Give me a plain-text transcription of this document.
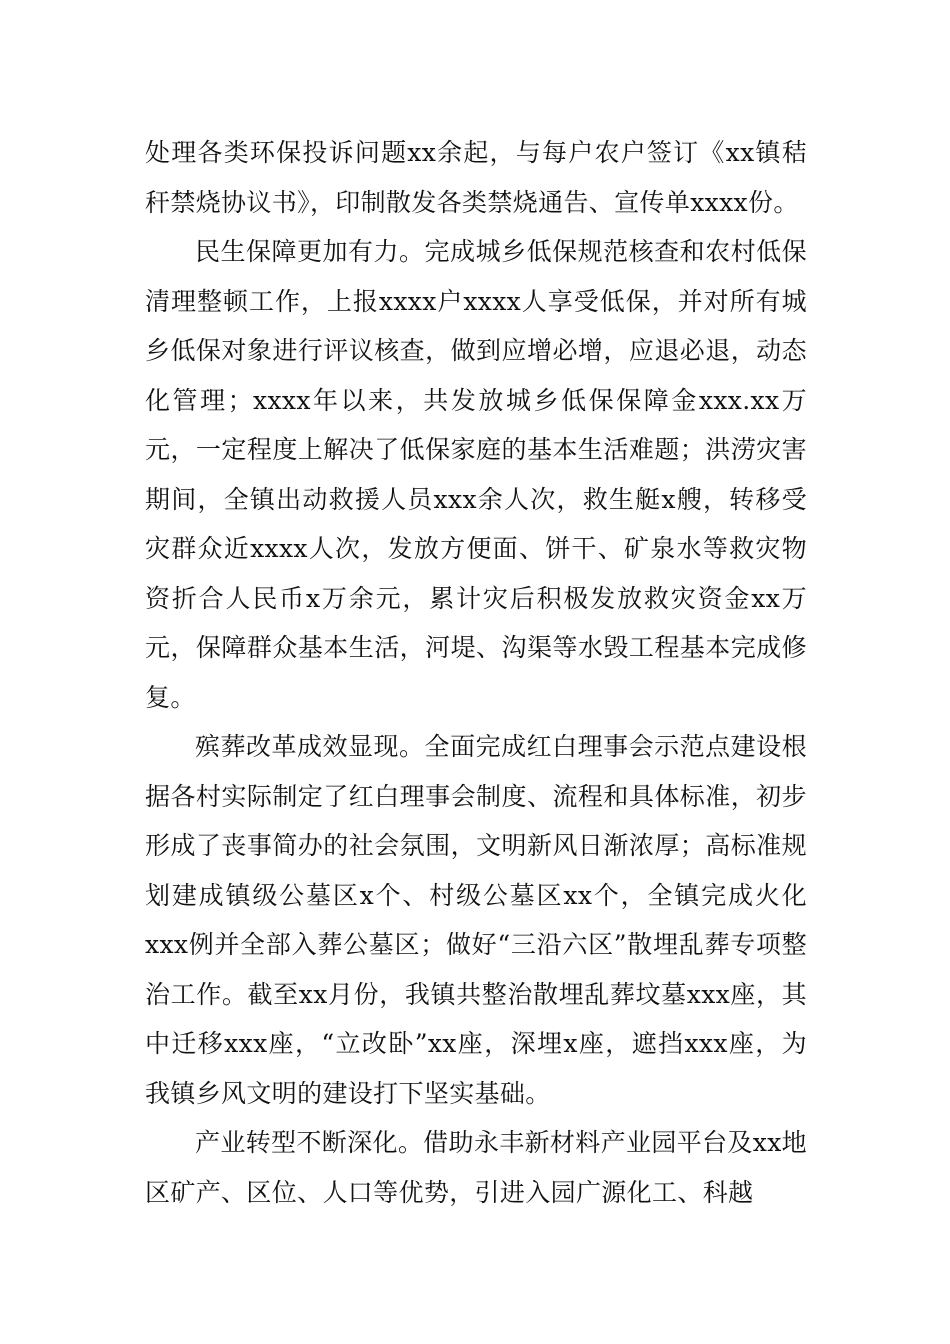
处理各类环保投诉问题xx余起，与每户农户签订《xx镇秸秆禁烧协议书》，印制散发各类禁烧通告、宣传单xxxx份。

民生保障更加有力。完成城乡低保规范核查和农村低保清理整顿工作，上报xxxx户xxxx人享受低保，并对所有城乡低保对象进行评议核查，做到应增必增，应退必退，动态化管理；xxxx年以来，共发放城乡低保保障金xxx.xx万元，一定程度上解决了低保家庭的基本生活难题；洪涝灾害期间，全镇出动救援人员xxx余人次，救生艇x艘，转移受灾群众近xxxx人次，发放方便面、饼干、矿泉水等救灾物资折合人民币x万余元，累计灾后积极发放救灾资金xx万元，保障群众基本生活，河堤、沟渠等水毁工程基本完成修复。

殡葬改革成效显现。全面完成红白理事会示范点建设根据各村实际制定了红白理事会制度、流程和具体标准，初步形成了丧事简办的社会氛围，文明新风日渐浓厚；高标准规划建成镇级公墓区x个、村级公墓区xx个，全镇完成火化xxx例并全部入葬公墓区；做好“三沿六区”散埋乱葬专项整治工作。截至xx月份，我镇共整治散埋乱葬坟墓xxx座，其中迁移xxx座，“立改卧”xx座，深埋x座，遮挡xxx座，为我镇乡风文明的建设打下坚实基础。

产业转型不断深化。借助永丰新材料产业园平台及xx地区矿产、区位、人口等优势，引进入园广源化工、科越
